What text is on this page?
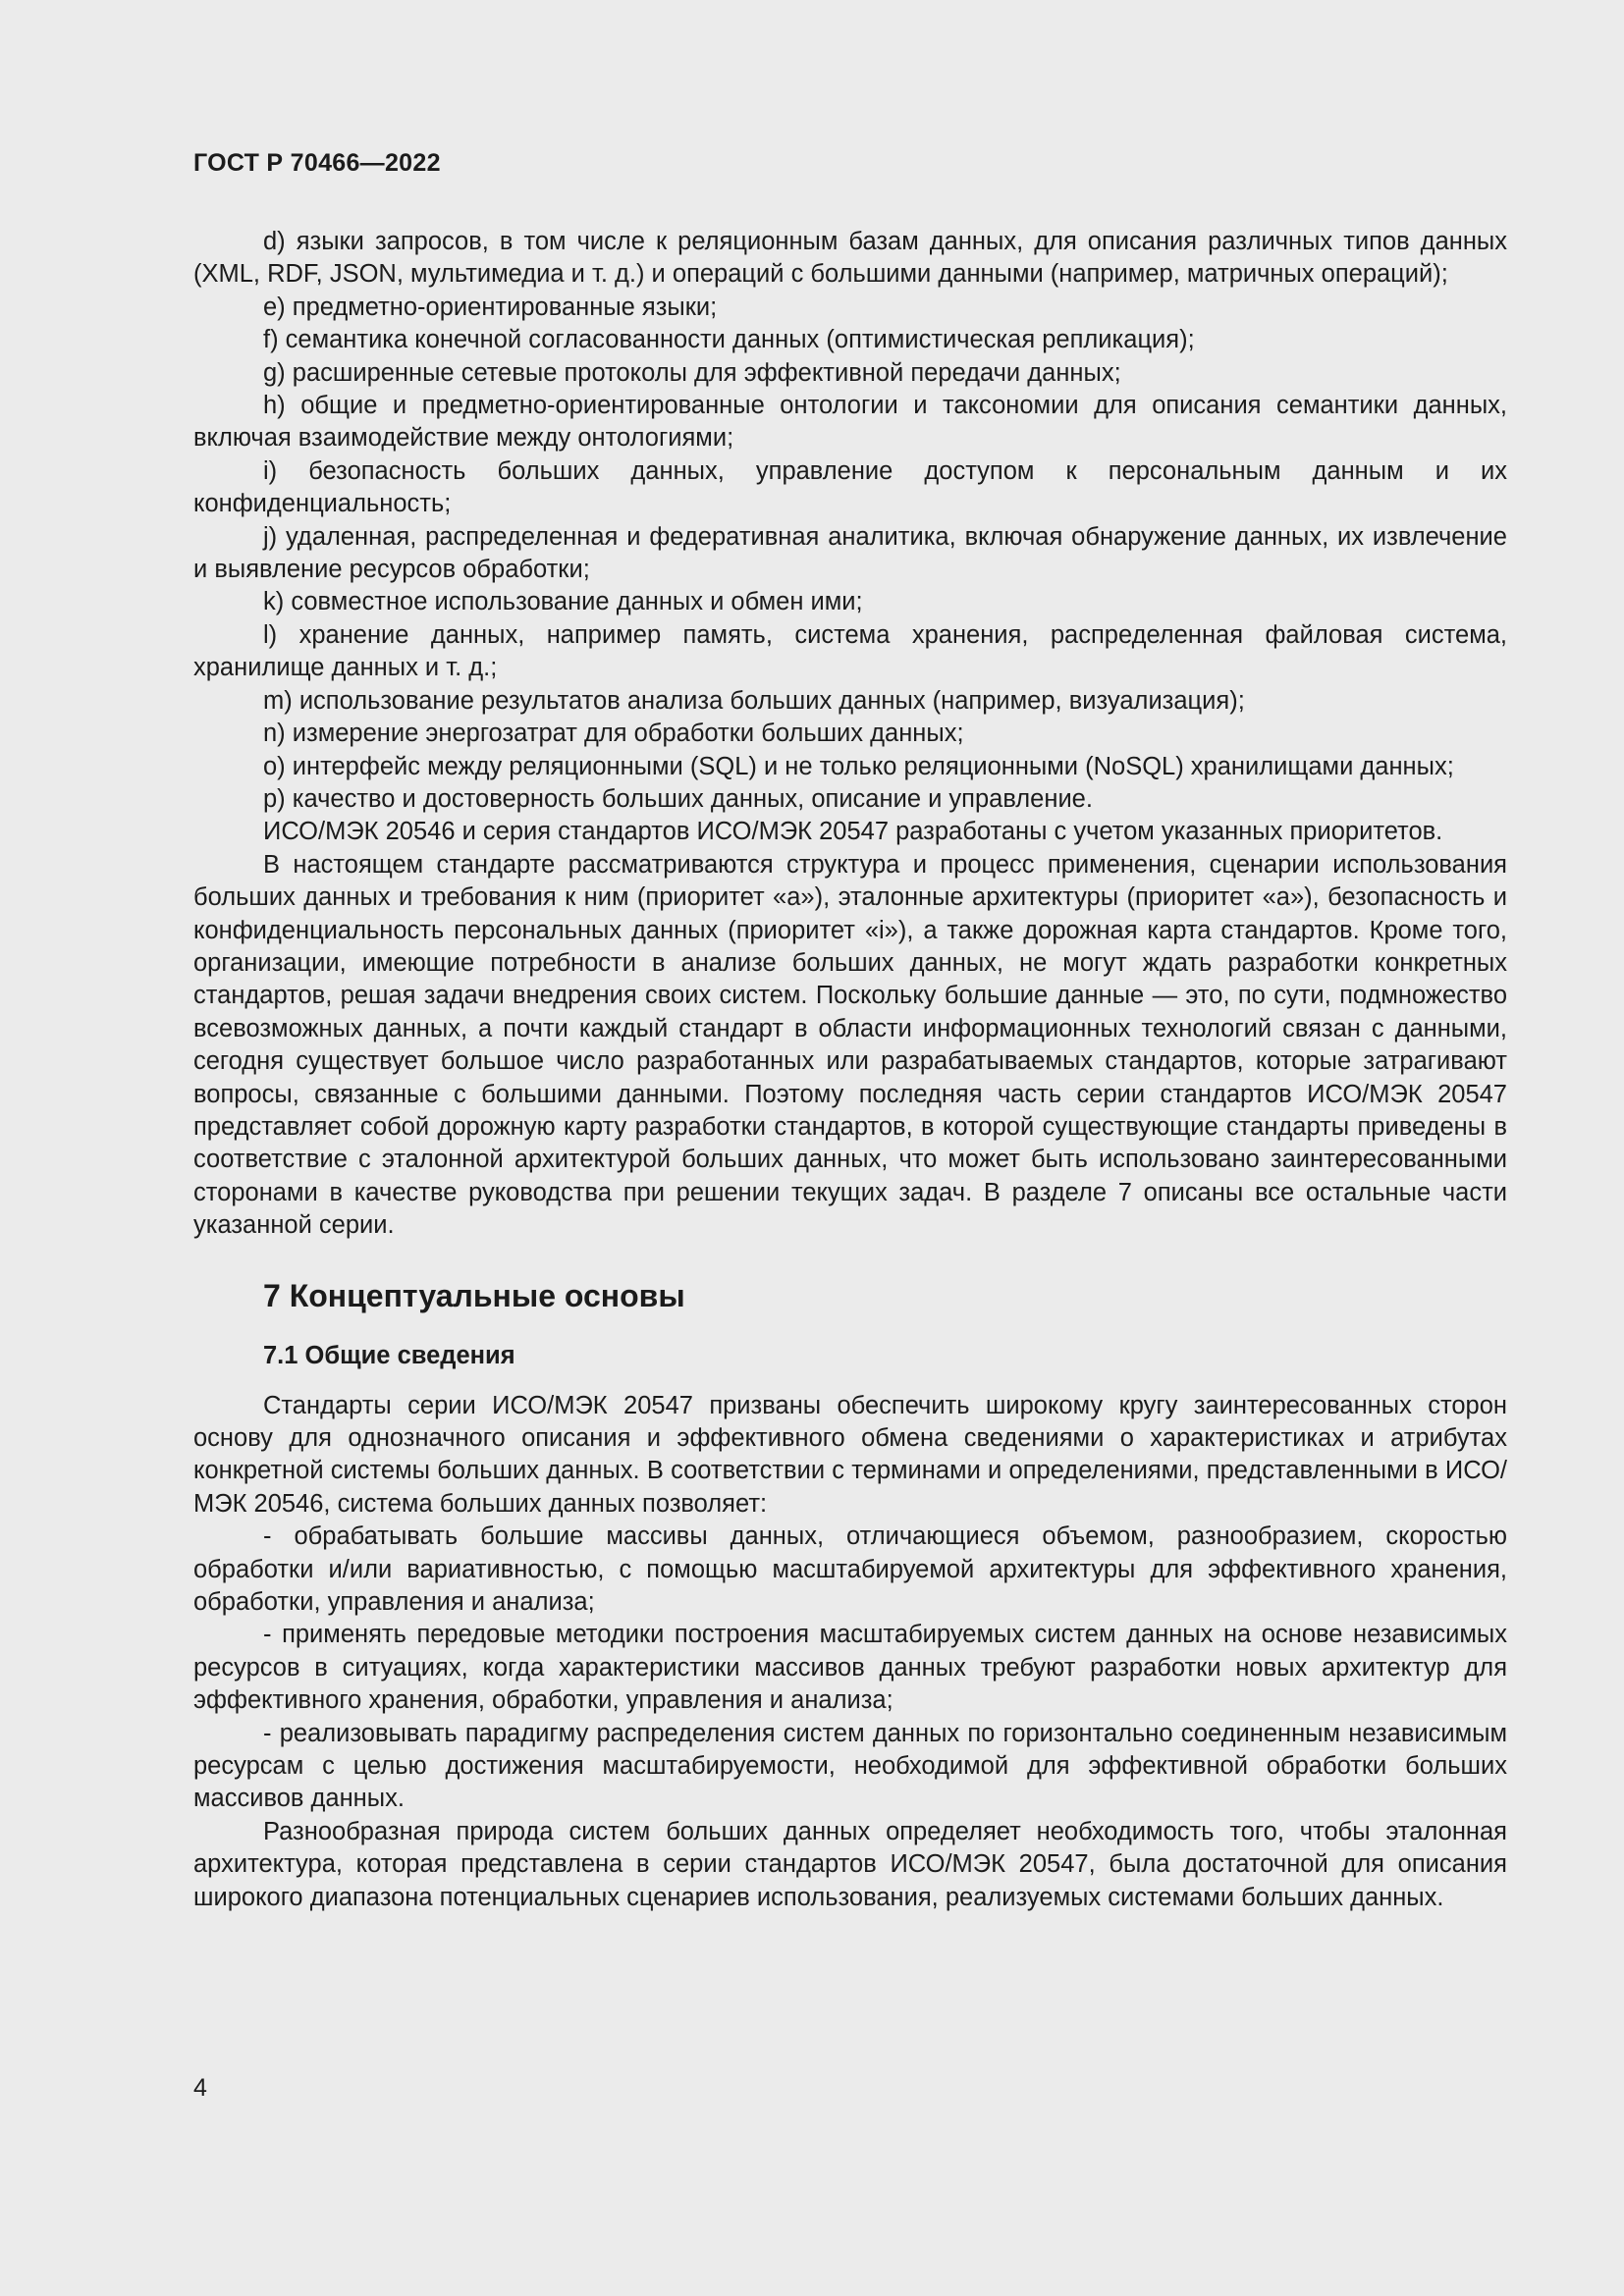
ГОСТ Р 70466—2022

d) языки запросов, в том числе к реляционным базам данных, для описания различных типов данных (XML, RDF, JSON, мультимедиа и т. д.) и операций с большими данными (например, матричных операций);

e) предметно-ориентированные языки;

f) семантика конечной согласованности данных (оптимистическая репликация);

g) расширенные сетевые протоколы для эффективной передачи данных;

h) общие и предметно-ориентированные онтологии и таксономии для описания семантики данных, включая взаимодействие между онтологиями;

i) безопасность больших данных, управление доступом к персональным данным и их конфиденциальность;

j) удаленная, распределенная и федеративная аналитика, включая обнаружение данных, их извлечение и выявление ресурсов обработки;

k) совместное использование данных и обмен ими;

l) хранение данных, например память, система хранения, распределенная файловая система, хранилище данных и т. д.;

m) использование результатов анализа больших данных (например, визуализация);

n) измерение энергозатрат для обработки больших данных;

o) интерфейс между реляционными (SQL) и не только реляционными (NoSQL) хранилищами данных;

p) качество и достоверность больших данных, описание и управление.

ИСО/МЭК 20546 и серия стандартов ИСО/МЭК 20547 разработаны с учетом указанных приоритетов.

В настоящем стандарте рассматриваются структура и процесс применения, сценарии использования больших данных и требования к ним (приоритет «a»), эталонные архитектуры (приоритет «a»), безопасность и конфиденциальность персональных данных (приоритет «i»), а также дорожная карта стандартов. Кроме того, организации, имеющие потребности в анализе больших данных, не могут ждать разработки конкретных стандартов, решая задачи внедрения своих систем. Поскольку большие данные — это, по сути, подмножество всевозможных данных, а почти каждый стандарт в области информационных технологий связан с данными, сегодня существует большое число разработанных или разрабатываемых стандартов, которые затрагивают вопросы, связанные с большими данными. Поэтому последняя часть серии стандартов ИСО/МЭК 20547 представляет собой дорожную карту разработки стандартов, в которой существующие стандарты приведены в соответствие с эталонной архитектурой больших данных, что может быть использовано заинтересованными сторонами в качестве руководства при решении текущих задач. В разделе 7 описаны все остальные части указанной серии.

7 Концептуальные основы
7.1 Общие сведения

Стандарты серии ИСО/МЭК 20547 призваны обеспечить широкому кругу заинтересованных сторон основу для однозначного описания и эффективного обмена сведениями о характеристиках и атрибутах конкретной системы больших данных. В соответствии с терминами и определениями, представленными в ИСО/МЭК 20546, система больших данных позволяет:

- обрабатывать большие массивы данных, отличающиеся объемом, разнообразием, скоростью обработки и/или вариативностью, с помощью масштабируемой архитектуры для эффективного хранения, обработки, управления и анализа;

- применять передовые методики построения масштабируемых систем данных на основе независимых ресурсов в ситуациях, когда характеристики массивов данных требуют разработки новых архитектур для эффективного хранения, обработки, управления и анализа;

- реализовывать парадигму распределения систем данных по горизонтально соединенным независимым ресурсам с целью достижения масштабируемости, необходимой для эффективной обработки больших массивов данных.

Разнообразная природа систем больших данных определяет необходимость того, чтобы эталонная архитектура, которая представлена в серии стандартов ИСО/МЭК 20547, была достаточной для описания широкого диапазона потенциальных сценариев использования, реализуемых системами больших данных.

4
